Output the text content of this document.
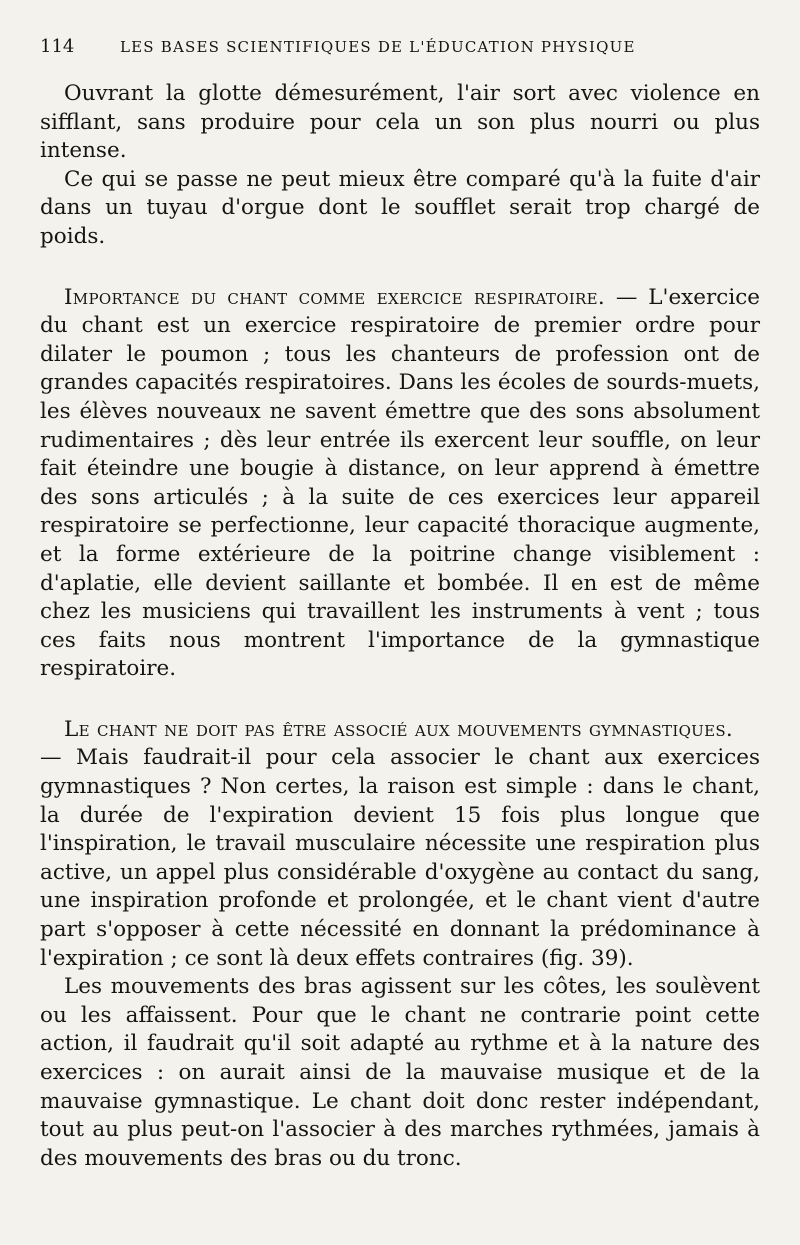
114	LES BASES SCIENTIFIQUES DE L'ÉDUCATION PHYSIQUE

Ouvrant la glotte démesurément, l'air sort avec violence en sifflant, sans produire pour cela un son plus nourri ou plus intense.

Ce qui se passe ne peut mieux être comparé qu'à la fuite d'air dans un tuyau d'orgue dont le soufflet serait trop chargé de poids.

Importance du chant comme exercice respiratoire. — L'exercice du chant est un exercice respiratoire de premier ordre pour dilater le poumon ; tous les chanteurs de profession ont de grandes capacités respiratoires. Dans les écoles de sourds-muets, les élèves nouveaux ne savent émettre que des sons absolument rudimentaires ; dès leur entrée ils exercent leur souffle, on leur fait éteindre une bougie à distance, on leur apprend à émettre des sons articulés ; à la suite de ces exercices leur appareil respiratoire se perfectionne, leur capacité thoracique augmente, et la forme extérieure de la poitrine change visiblement : d'aplatie, elle devient saillante et bombée. Il en est de même chez les musiciens qui travaillent les instruments à vent ; tous ces faits nous montrent l'importance de la gymnastique respiratoire.

Le chant ne doit pas être associé aux mouvements gymnastiques.

— Mais faudrait-il pour cela associer le chant aux exercices gymnastiques ? Non certes, la raison est simple : dans le chant, la durée de l'expiration devient 15 fois plus longue que l'inspiration, le travail musculaire nécessite une respiration plus active, un appel plus considérable d'oxygène au contact du sang, une inspiration profonde et prolongée, et le chant vient d'autre part s'opposer à cette nécessité en donnant la prédominance à l'expiration ; ce sont là deux effets contraires (fig. 39).

Les mouvements des bras agissent sur les côtes, les soulèvent ou les affaissent. Pour que le chant ne contrarie point cette action, il faudrait qu'il soit adapté au rythme et à la nature des exercices : on aurait ainsi de la mauvaise musique et de la mauvaise gymnastique. Le chant doit donc rester indépendant, tout au plus peut-on l'associer à des marches rythmées, jamais à des mouvements des bras ou du tronc.
